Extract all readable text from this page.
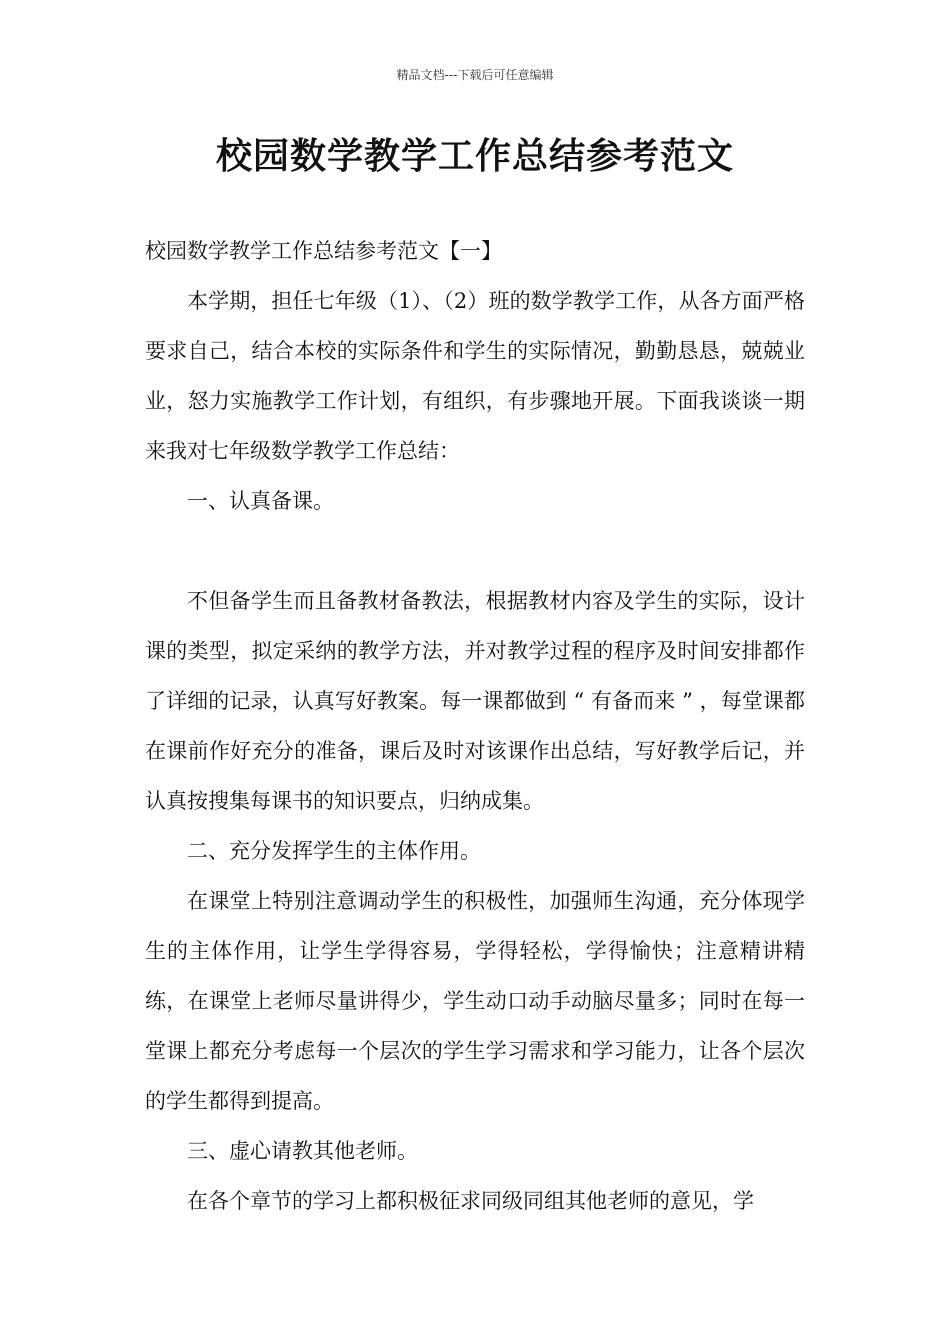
精品文档---下载后可任意编辑
校园数学教学工作总结参考范文

校园数学教学工作总结参考范文【一】

本学期，担任七年级（1）、（2）班的数学教学工作，从各方面严格要求自己，结合本校的实际条件和学生的实际情况，勤勤恳恳，兢兢业业，怒力实施教学工作计划，有组织，有步骤地开展。下面我谈谈一期来我对七年级数学教学工作总结：

一、认真备课。

不但备学生而且备教材备教法，根据教材内容及学生的实际，设计课的类型，拟定采纳的教学方法，并对教学过程的程序及时间安排都作了详细的记录，认真写好教案。每一课都做到 “ 有备而来 ” ，每堂课都在课前作好充分的准备，课后及时对该课作出总结，写好教学后记，并认真按搜集每课书的知识要点，归纳成集。

二、充分发挥学生的主体作用。

在课堂上特别注意调动学生的积极性，加强师生沟通，充分体现学生的主体作用，让学生学得容易，学得轻松，学得愉快；注意精讲精练，在课堂上老师尽量讲得少，学生动口动手动脑尽量多；同时在每一堂课上都充分考虑每一个层次的学生学习需求和学习能力，让各个层次的学生都得到提高。

三、虚心请教其他老师。

在各个章节的学习上都积极征求同级同组其他老师的意见，学
